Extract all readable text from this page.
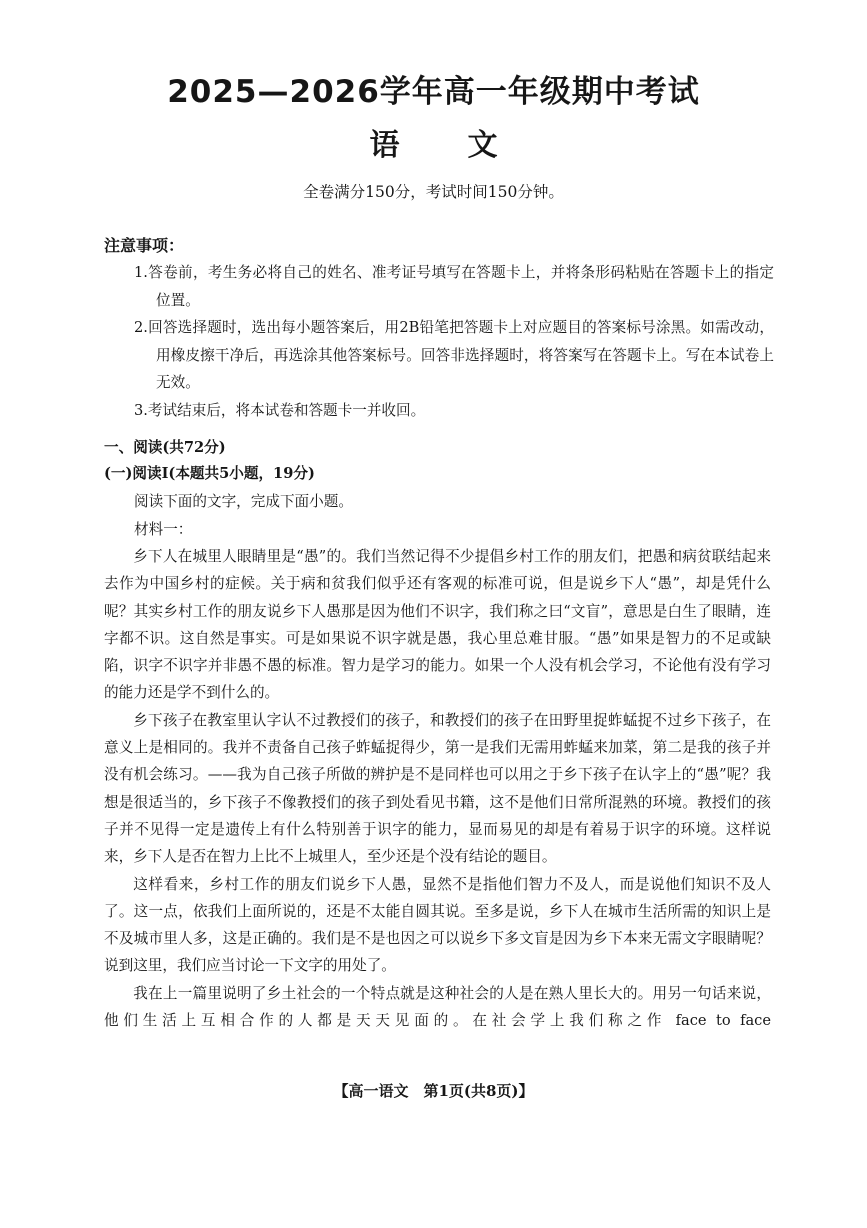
2025—2026学年高一年级期中考试
语文
全卷满分150分，考试时间150分钟。
注意事项：

1.答卷前，考生务必将自己的姓名、准考证号填写在答题卡上，并将条形码粘贴在答题卡上的指定位置。

2.回答选择题时，选出每小题答案后，用2B铅笔把答题卡上对应题目的答案标号涂黑。如需改动，用橡皮擦干净后，再选涂其他答案标号。回答非选择题时，将答案写在答题卡上。写在本试卷上无效。

3.考试结束后，将本试卷和答题卡一并收回。

一、阅读(共72分)
(一)阅读Ⅰ(本题共5小题，19分)
阅读下面的文字，完成下面小题。
材料一：

乡下人在城里人眼睛里是“愚”的。我们当然记得不少提倡乡村工作的朋友们，把愚和病贫联结起来去作为中国乡村的症候。关于病和贫我们似乎还有客观的标准可说，但是说乡下人“愚”，却是凭什么呢？其实乡村工作的朋友说乡下人愚那是因为他们不识字，我们称之曰“文盲”，意思是白生了眼睛，连字都不识。这自然是事实。可是如果说不识字就是愚，我心里总难甘服。“愚”如果是智力的不足或缺陷，识字不识字并非愚不愚的标准。智力是学习的能力。如果一个人没有机会学习，不论他有没有学习的能力还是学不到什么的。

乡下孩子在教室里认字认不过教授们的孩子，和教授们的孩子在田野里捉蚱蜢捉不过乡下孩子，在意义上是相同的。我并不责备自己孩子蚱蜢捉得少，第一是我们无需用蚱蜢来加菜，第二是我的孩子并没有机会练习。——我为自己孩子所做的辨护是不是同样也可以用之于乡下孩子在认字上的“愚”呢？我想是很适当的，乡下孩子不像教授们的孩子到处看见书籍，这不是他们日常所混熟的环境。教授们的孩子并不见得一定是遗传上有什么特别善于识字的能力，显而易见的却是有着易于识字的环境。这样说来，乡下人是否在智力上比不上城里人，至少还是个没有结论的题目。

这样看来，乡村工作的朋友们说乡下人愚，显然不是指他们智力不及人，而是说他们知识不及人了。这一点，依我们上面所说的，还是不太能自圆其说。至多是说，乡下人在城市生活所需的知识上是不及城市里人多，这是正确的。我们是不是也因之可以说乡下多文盲是因为乡下本来无需文字眼睛呢？说到这里，我们应当讨论一下文字的用处了。

我在上一篇里说明了乡土社会的一个特点就是这种社会的人是在熟人里长大的。用另一句话来说，他们生活上互相合作的人都是天天见面的。在社会学上我们称之作 face to face

【高一语文　第1页(共8页)】
